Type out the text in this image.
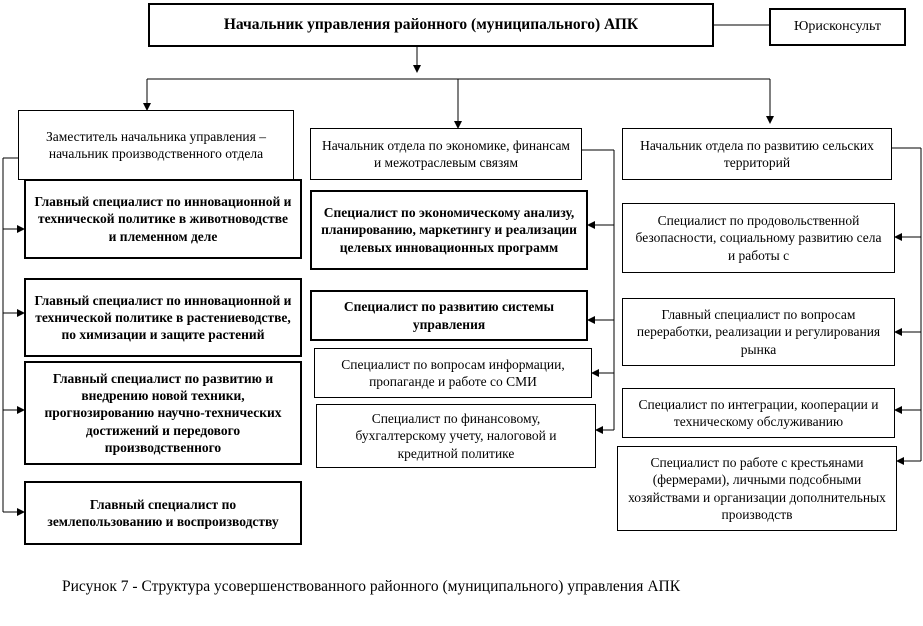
Начальник управления районного (муниципального) АПК	Юрисконсульт
Заместитель начальника управления – начальник производственного отдела
Главный специалист по инновационной и технической политике в животноводстве и племенном деле
Главный специалист по инновационной и технической политике в растениеводстве, по химизации и защите растений
Главный специалист по развитию и внедрению новой техники, прогнозированию научно-технических достижений и передового производственного
Главный специалист по землепользованию и воспроизводству
Начальник отдела по экономике, финансам и межотраслевым связям
Специалист по экономическому анализу, планированию, маркетингу и реализации целевых инновационных программ
Специалист по развитию системы управления
Специалист по вопросам информации, пропаганде и работе со СМИ
Специалист по финансовому, бухгалтерскому учету, налоговой и кредитной политике
Начальник отдела по развитию сельских территорий
Специалист по продовольственной безопасности, социальному развитию села и работы с
Главный специалист по вопросам переработки, реализации и регулирования рынка
Специалист по интеграции, кооперации и техническому обслуживанию
Специалист по работе с крестьянами (фермерами), личными подсобными хозяйствами и организации дополнительных производств
Рисунок 7 - Структура усовершенствованного районного (муниципального) управления АПК
